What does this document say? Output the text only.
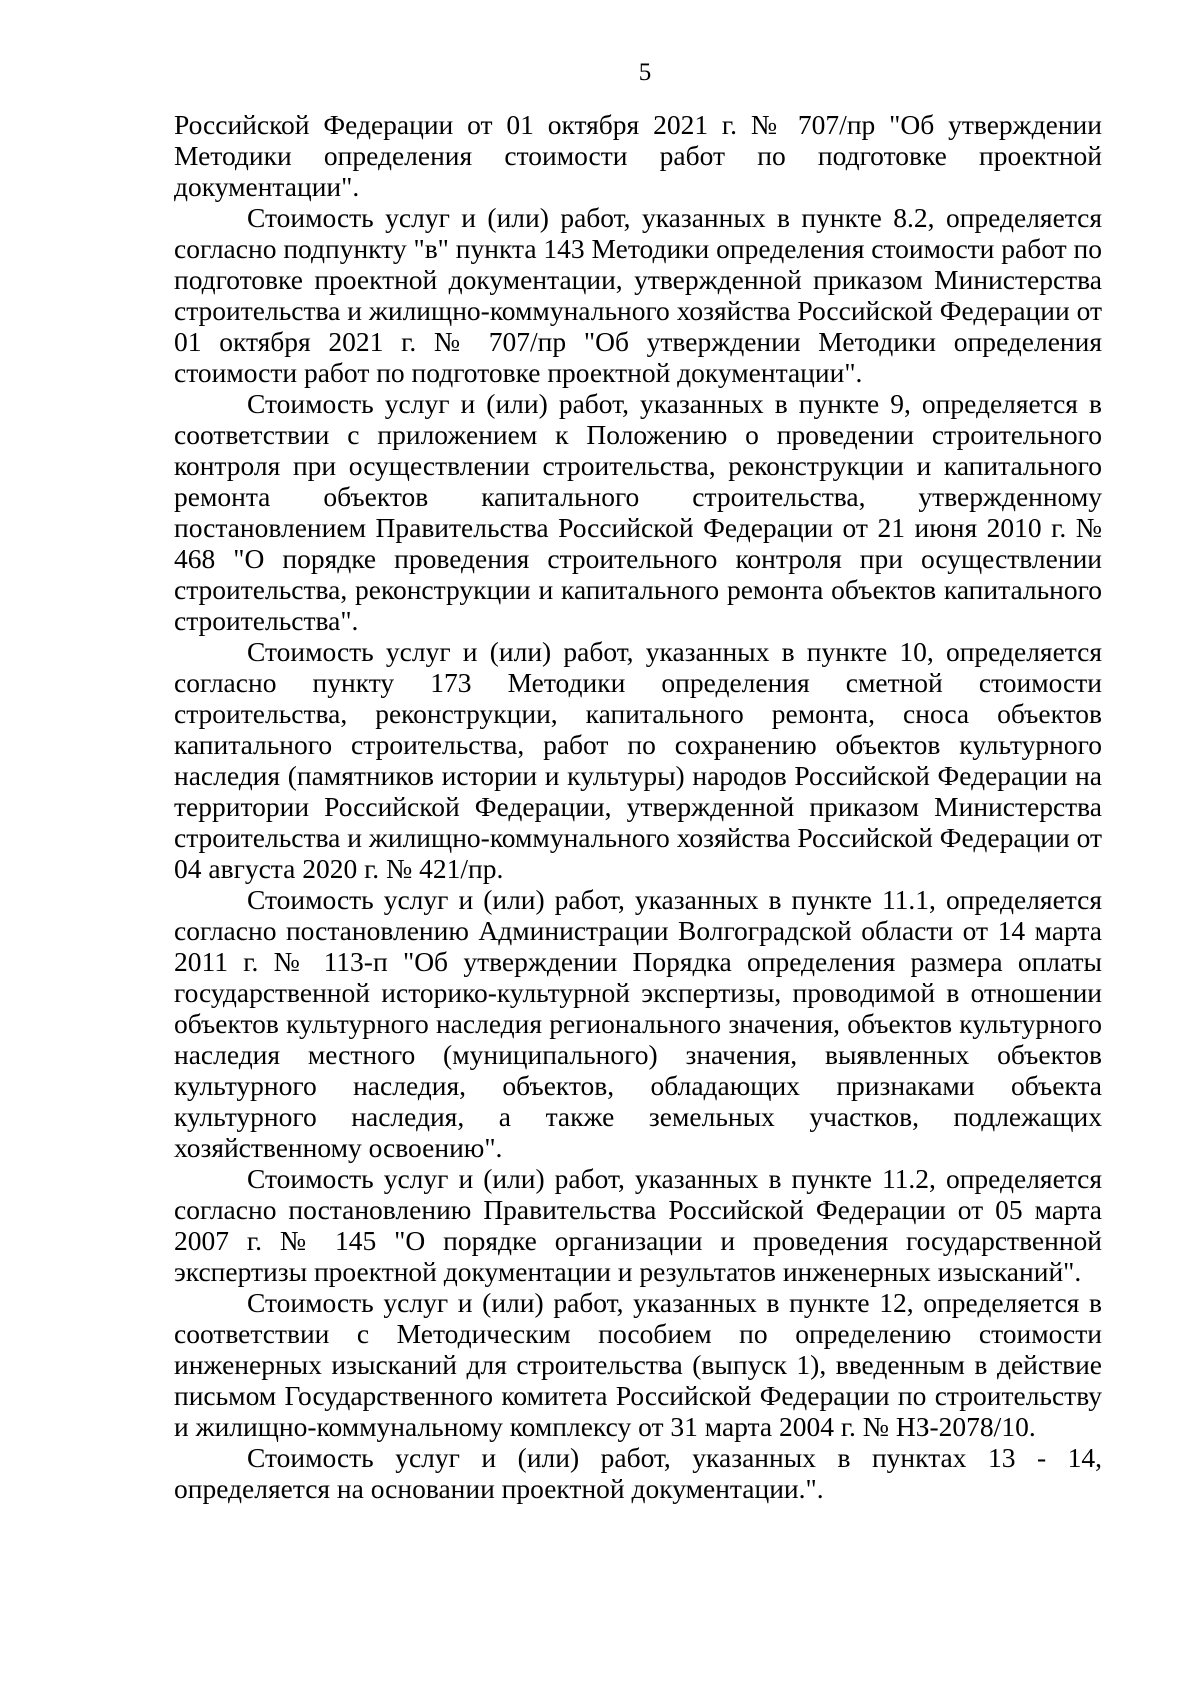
5

Российской Федерации от 01 октября 2021 г. № 707/пр "Об утверждении Методики определения стоимости работ по подготовке проектной документации".

Стоимость услуг и (или) работ, указанных в пункте 8.2, определяется согласно подпункту "в" пункта 143 Методики определения стоимости работ по подготовке проектной документации, утвержденной приказом Министерства строительства и жилищно-коммунального хозяйства Российской Федерации от 01 октября 2021 г. № 707/пр "Об утверждении Методики определения стоимости работ по подготовке проектной документации".

Стоимость услуг и (или) работ, указанных в пункте 9, определяется в соответствии с приложением к Положению о проведении строительного контроля при осуществлении строительства, реконструкции и капитального ремонта объектов капитального строительства, утвержденному постановлением Правительства Российской Федерации от 21 июня 2010 г. № 468 "О порядке проведения строительного контроля при осуществлении строительства, реконструкции и капитального ремонта объектов капитального строительства".

Стоимость услуг и (или) работ, указанных в пункте 10, определяется согласно пункту 173 Методики определения сметной стоимости строительства, реконструкции, капитального ремонта, сноса объектов капитального строительства, работ по сохранению объектов культурного наследия (памятников истории и культуры) народов Российской Федерации на территории Российской Федерации, утвержденной приказом Министерства строительства и жилищно-коммунального хозяйства Российской Федерации от 04 августа 2020 г. № 421/пр.

Стоимость услуг и (или) работ, указанных в пункте 11.1, определяется согласно постановлению Администрации Волгоградской области от 14 марта 2011 г. № 113-п "Об утверждении Порядка определения размера оплаты государственной историко-культурной экспертизы, проводимой в отношении объектов культурного наследия регионального значения, объектов культурного наследия местного (муниципального) значения, выявленных объектов культурного наследия, объектов, обладающих признаками объекта культурного наследия, а также земельных участков, подлежащих хозяйственному освоению".

Стоимость услуг и (или) работ, указанных в пункте 11.2, определяется согласно постановлению Правительства Российской Федерации от 05 марта 2007 г. № 145 "О порядке организации и проведения государственной экспертизы проектной документации и результатов инженерных изысканий".

Стоимость услуг и (или) работ, указанных в пункте 12, определяется в соответствии с Методическим пособием по определению стоимости инженерных изысканий для строительства (выпуск 1), введенным в действие письмом Государственного комитета Российской Федерации по строительству и жилищно-коммунальному комплексу от 31 марта 2004 г. № НЗ-2078/10.

Стоимость услуг и (или) работ, указанных в пунктах 13 - 14, определяется на основании проектной документации.".
